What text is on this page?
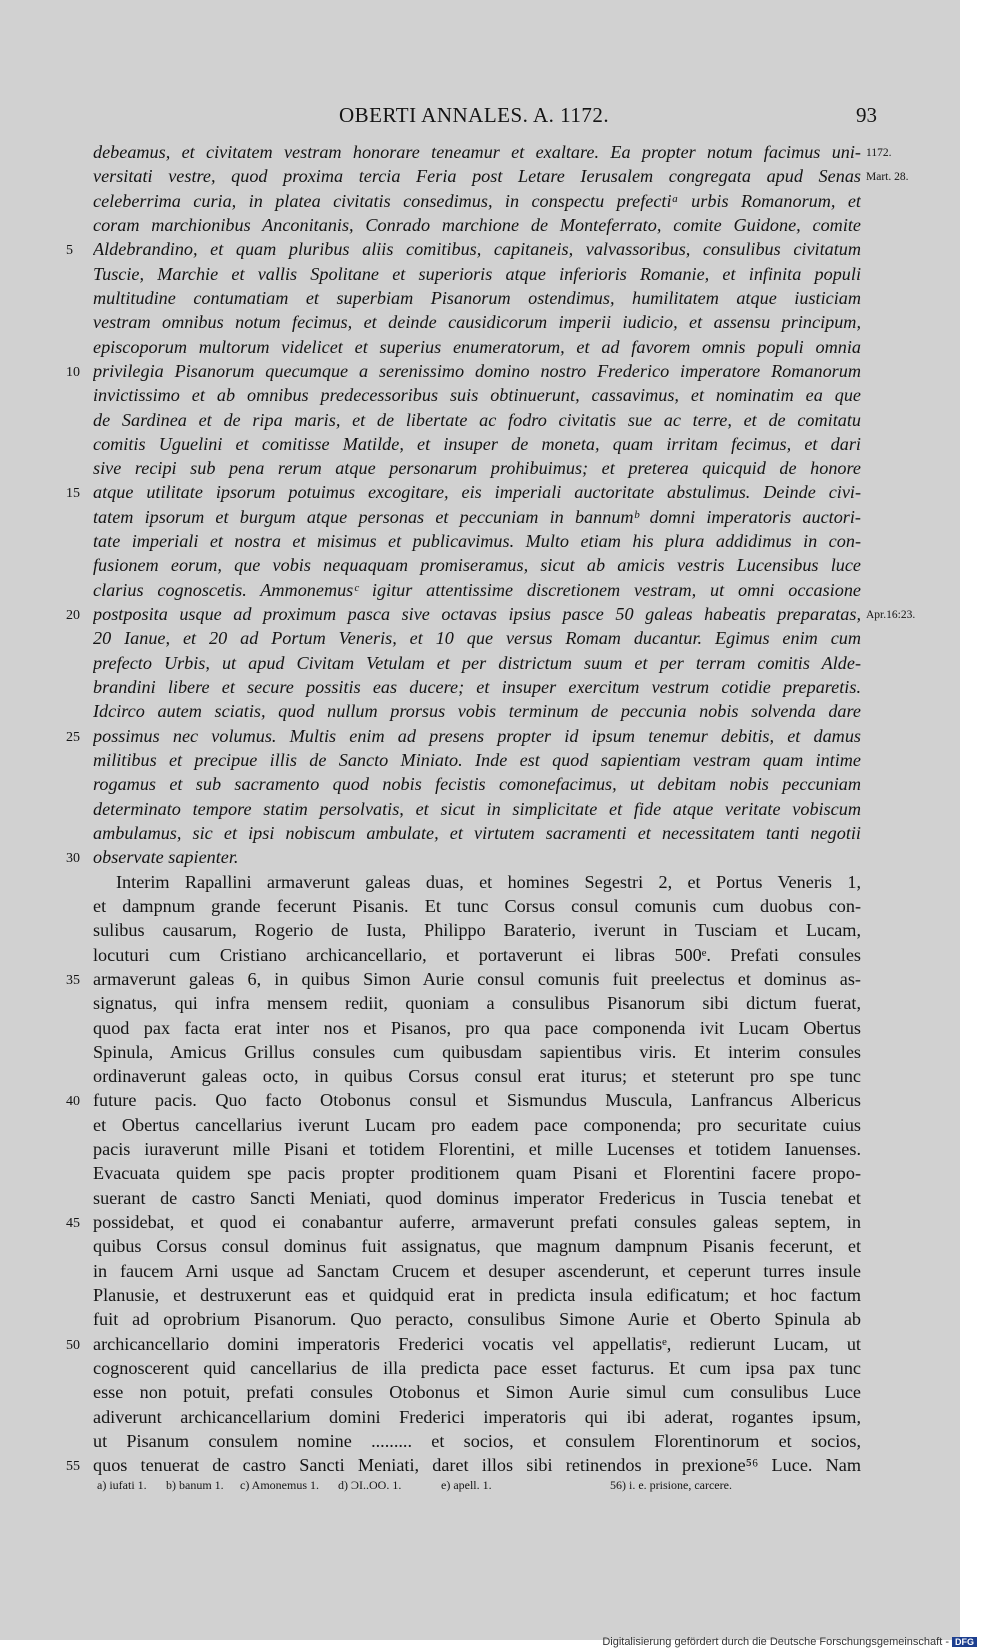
OBERTI ANNALES. A. 1172.	93
debeamus, et civitatem vestram honorare teneamur et exaltare. Ea propter notum facimus uni- 1172.
versitati vestre, quod proxima tercia Feria post Letare Ierusalem congregata apud Senas Mart. 28.
celeberrima curia, in platea civitatis consedimus, in conspectu prefectiᵃ urbis Romanorum, et
coram marchionibus Anconitanis, Conrado marchione de Monteferrato, comite Guidone, comite
5	Aldebrandino, et quam pluribus aliis comitibus, capitaneis, valvassoribus, consulibus civitatum
Tuscie, Marchie et vallis Spolitane et superioris atque inferioris Romanie, et infinita populi
multitudine contumatiam et superbiam Pisanorum ostendimus, humilitatem atque iusticiam
vestram omnibus notum fecimus, et deinde causidicorum imperii iudicio, et assensu principum,
episcoporum multorum videlicet et superius enumeratorum, et ad favorem omnis populi omnia
10 privilegia Pisanorum quecumque a serenissimo domino nostro Frederico imperatore Romanorum
invictissimo et ab omnibus predecessoribus suis obtinuerunt, cassavimus, et nominatim ea que
de Sardinea et de ripa maris, et de libertate ac fodro civitatis sue ac terre, et de comitatu
comitis Uguelini et comitisse Matilde, et insuper de moneta, quam irritam fecimus, et dari
sive recipi sub pena rerum atque personarum prohibuimus; et preterea quicquid de honore
15 atque utilitate ipsorum potuimus excogitare, eis imperiali auctoritate abstulimus. Deinde civi-
tatem ipsorum et burgum atque personas et peccuniam in bannumᵇ domni imperatoris auctori-
tate imperiali et nostra et misimus et publicavimus. Multo etiam his plura addidimus in con-
fusionem eorum, que vobis nequaquam promiseramus, sicut ab amicis vestris Lucensibus luce
clarius cognoscetis. Ammonemusᶜ igitur attentissime discretionem vestram, ut omni occasione
20 postposita usque ad proximum pasca sive octavas ipsius pasce 50 galeas habeatis preparatas, Apr.16:23.
20 Ianue, et 20 ad Portum Veneris, et 10 que versus Romam ducantur. Egimus enim cum
prefecto Urbis, ut apud Civitam Vetulam et per districtum suum et per terram comitis Alde-
brandini libere et secure possitis eas ducere; et insuper exercitum vestrum cotidie preparetis.
Idcirco autem sciatis, quod nullum prorsus vobis terminum de peccunia nobis solvenda dare
25 possimus nec volumus. Multis enim ad presens propter id ipsum tenemur debitis, et damus
militibus et precipue illis de Sancto Miniato. Inde est quod sapientiam vestram quam intime
rogamus et sub sacramento quod nobis fecistis comonefacimus, ut debitam nobis peccuniam
determinato tempore statim persolvatis, et sicut in simplicitate et fide atque veritate vobiscum
ambulamus, sic et ipsi nobiscum ambulate, et virtutem sacramenti et necessitatem tanti negotii
30 observate sapienter.
Interim Rapallini armaverunt galeas duas, et homines Segestri 2, et Portus Veneris 1,
et dampnum grande fecerunt Pisanis. Et tunc Corsus consul comunis cum duobus con-
sulibus causarum, Rogerio de Iusta, Philippo Baraterio, iverunt in Tusciam et Lucam,
locuturi cum Cristiano archicancellario, et portaverunt ei libras 500ᵉ. Prefati consules
35 armaverunt galeas 6, in quibus Simon Aurie consul comunis fuit preelectus et dominus as-
signatus, qui infra mensem rediit, quoniam a consulibus Pisanorum sibi dictum fuerat,
quod pax facta erat inter nos et Pisanos, pro qua pace componenda ivit Lucam Obertus
Spinula, Amicus Grillus consules cum quibusdam sapientibus viris. Et interim consules
ordinaverunt galeas octo, in quibus Corsus consul erat iturus; et steterunt pro spe tunc
40 future pacis. Quo facto Otobonus consul et Sismundus Muscula, Lanfrancus Albericus
et Obertus cancellarius iverunt Lucam pro eadem pace componenda; pro securitate cuius
pacis iuraverunt mille Pisani et totidem Florentini, et mille Lucenses et totidem Ianuenses.
Evacuata quidem spe pacis propter proditionem quam Pisani et Florentini facere propo-
suerant de castro Sancti Meniati, quod dominus imperator Fredericus in Tuscia tenebat et
45 possidebat, et quod ei conabantur auferre, armaverunt prefati consules galeas septem, in
quibus Corsus consul dominus fuit assignatus, que magnum dampnum Pisanis fecerunt, et
in faucem Arni usque ad Sanctam Crucem et desuper ascenderunt, et ceperunt turres insule
Planusie, et destruxerunt eas et quidquid erat in predicta insula edificatum; et hoc factum
fuit ad oprobrium Pisanorum. Quo peracto, consulibus Simone Aurie et Oberto Spinula ab
50 archicancellario domini imperatoris Frederici vocatis vel appellatisᵉ, redierunt Lucam, ut
cognoscerent quid cancellarius de illa predicta pace esset facturus. Et cum ipsa pax tunc
esse non potuit, prefati consules Otobonus et Simon Aurie simul cum consulibus Luce
adiverunt archicancellarium domini Frederici imperatoris qui ibi aderat, rogantes ipsum,
ut Pisanum consulem nomine ......... et socios, et consulem Florentinorum et socios,
55 quos tenuerat de castro Sancti Meniati, daret illos sibi retinendos in prexione⁵⁶ Luce. Nam
a) iufati 1. b) banum 1. c) Amonemus 1. d) ϽI..OO. 1.	e) apell. 1.	56) i. e. prisione, carcere.
Digitalisierung gefördert durch die Deutsche Forschungsgemeinschaft - DFG
